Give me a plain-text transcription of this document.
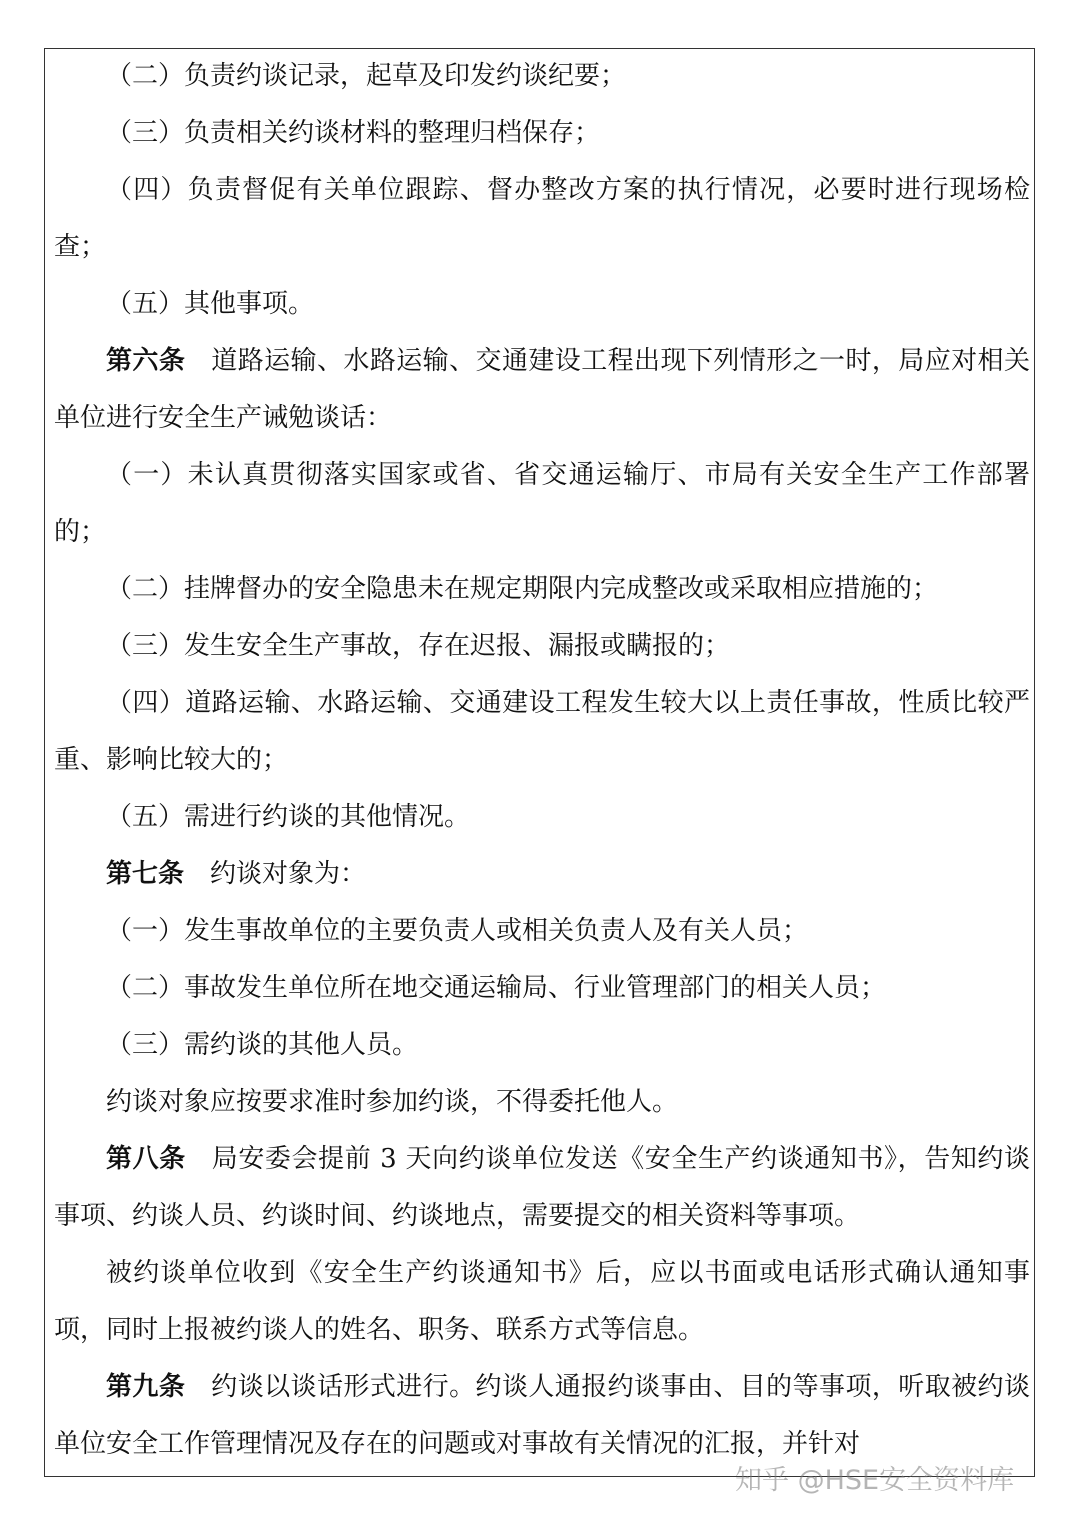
（二）负责约谈记录，起草及印发约谈纪要；

（三）负责相关约谈材料的整理归档保存；

（四）负责督促有关单位跟踪、督办整改方案的执行情况，必要时进行现场检查；

（五）其他事项。

第六条 道路运输、水路运输、交通建设工程出现下列情形之一时，局应对相关单位进行安全生产诫勉谈话：

（一）未认真贯彻落实国家或省、省交通运输厅、市局有关安全生产工作部署的；

（二）挂牌督办的安全隐患未在规定期限内完成整改或采取相应措施的；

（三）发生安全生产事故，存在迟报、漏报或瞒报的；

（四）道路运输、水路运输、交通建设工程发生较大以上责任事故，性质比较严重、影响比较大的；

（五）需进行约谈的其他情况。

第七条 约谈对象为：

（一）发生事故单位的主要负责人或相关负责人及有关人员；

（二）事故发生单位所在地交通运输局、行业管理部门的相关人员；

（三）需约谈的其他人员。

约谈对象应按要求准时参加约谈，不得委托他人。

第八条 局安委会提前 3 天向约谈单位发送《安全生产约谈通知书》，告知约谈事项、约谈人员、约谈时间、约谈地点，需要提交的相关资料等事项。

被约谈单位收到《安全生产约谈通知书》后，应以书面或电话形式确认通知事项，同时上报被约谈人的姓名、职务、联系方式等信息。

第九条 约谈以谈话形式进行。约谈人通报约谈事由、目的等事项，听取被约谈单位安全工作管理情况及存在的问题或对事故有关情况的汇报，并针对

知乎 @HSE安全资料库
